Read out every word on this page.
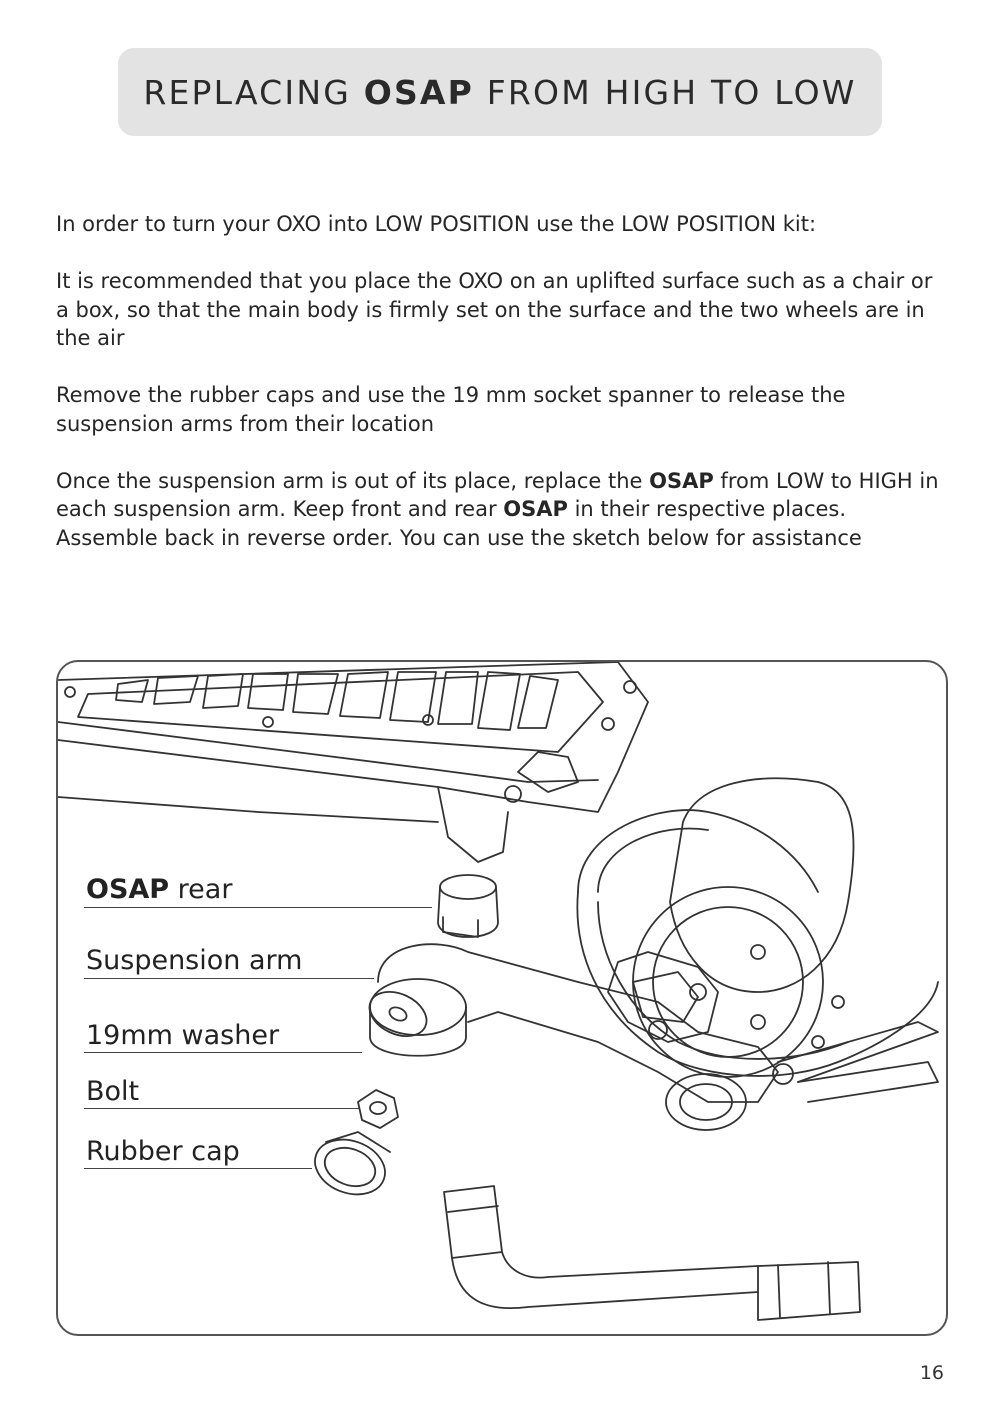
REPLACING OSAP FROM HIGH TO LOW

In order to turn your OXO into LOW POSITION use the LOW POSITION kit:

It is recommended that you place the OXO on an uplifted surface such as a chair or a box, so that the main body is firmly set on the surface and the two wheels are in the air

Remove the rubber caps and use the 19 mm socket spanner to release the suspension arms from their location

Once the suspension arm is out of its place, replace the OSAP from LOW to HIGH in each suspension arm. Keep front and rear OSAP in their respective places. Assemble back in reverse order. You can use the sketch below for assistance

OSAP rear
Suspension arm
19mm washer
Bolt
Rubber cap
16
